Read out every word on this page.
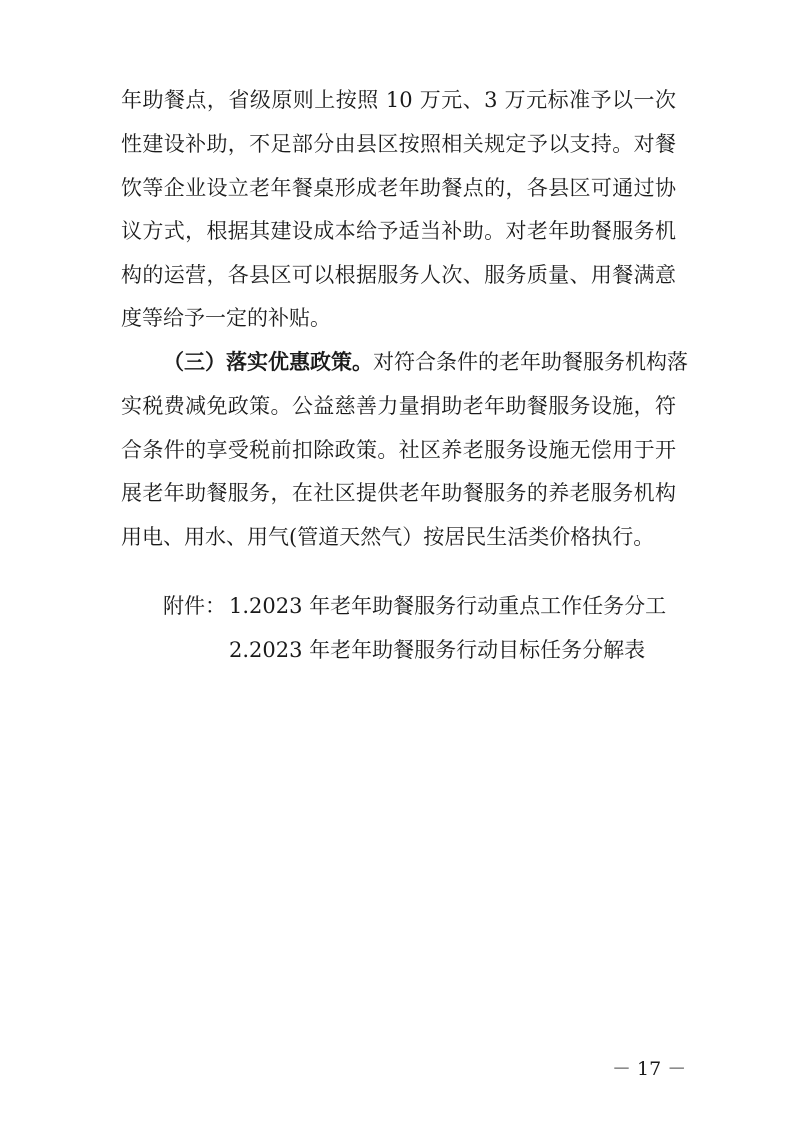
年助餐点，省级原则上按照 10 万元、3 万元标准予以一次
性建设补助，不足部分由县区按照相关规定予以支持。对餐
饮等企业设立老年餐桌形成老年助餐点的，各县区可通过协
议方式，根据其建设成本给予适当补助。对老年助餐服务机
构的运营，各县区可以根据服务人次、服务质量、用餐满意
度等给予一定的补贴。
（三）落实优惠政策。对符合条件的老年助餐服务机构落
实税费减免政策。公益慈善力量捐助老年助餐服务设施，符
合条件的享受税前扣除政策。社区养老服务设施无偿用于开
展老年助餐服务，在社区提供老年助餐服务的养老服务机构
用电、用水、用气(管道天然气）按居民生活类价格执行。
附件： 1.2023 年老年助餐服务行动重点工作任务分工
2.2023 年老年助餐服务行动目标任务分解表
－ 17 －
